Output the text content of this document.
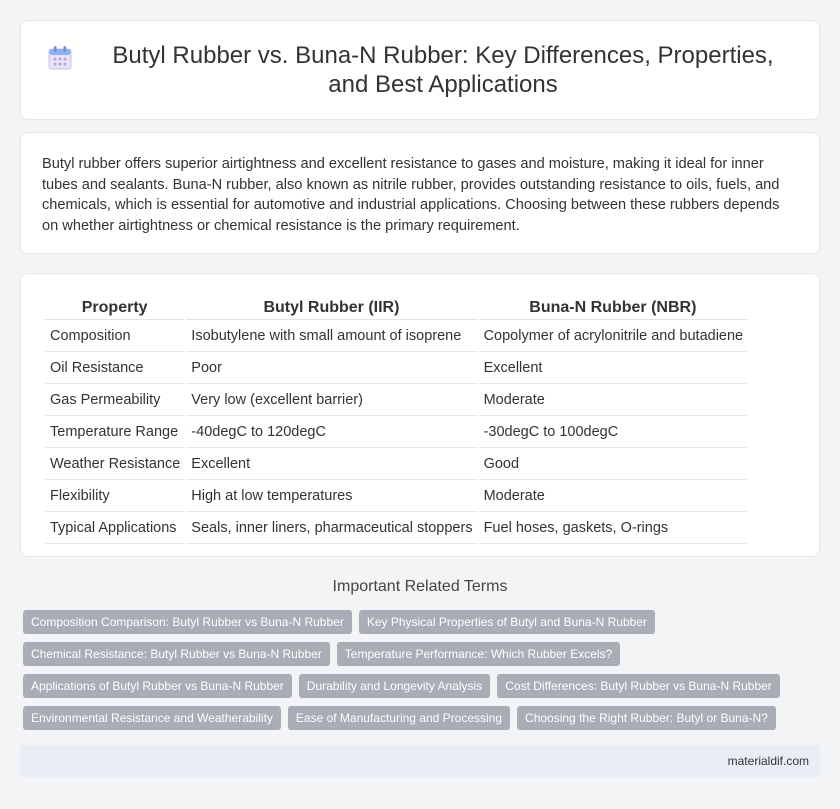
Butyl Rubber vs. Buna-N Rubber: Key Differences, Properties, and Best Applications

Butyl rubber offers superior airtightness and excellent resistance to gases and moisture, making it ideal for inner tubes and sealants. Buna-N rubber, also known as nitrile rubber, provides outstanding resistance to oils, fuels, and chemicals, which is essential for automotive and industrial applications. Choosing between these rubbers depends on whether airtightness or chemical resistance is the primary requirement.

Property	Butyl Rubber (IIR)	Buna-N Rubber (NBR)
Composition	Isobutylene with small amount of isoprene	Copolymer of acrylonitrile and butadiene
Oil Resistance	Poor	Excellent
Gas Permeability	Very low (excellent barrier)	Moderate
Temperature Range	-40degC to 120degC	-30degC to 100degC
Weather Resistance	Excellent	Good
Flexibility	High at low temperatures	Moderate
Typical Applications	Seals, inner liners, pharmaceutical stoppers	Fuel hoses, gaskets, O-rings
Important Related Terms
Composition Comparison: Butyl Rubber vs Buna-N Rubber	Key Physical Properties of Butyl and Buna-N Rubber
Chemical Resistance: Butyl Rubber vs Buna-N Rubber	Temperature Performance: Which Rubber Excels?
Applications of Butyl Rubber vs Buna-N Rubber	Durability and Longevity Analysis	Cost Differences: Butyl Rubber vs Buna-N Rubber
Environmental Resistance and Weatherability	Ease of Manufacturing and Processing	Choosing the Right Rubber: Butyl or Buna-N?
materialdif.com
